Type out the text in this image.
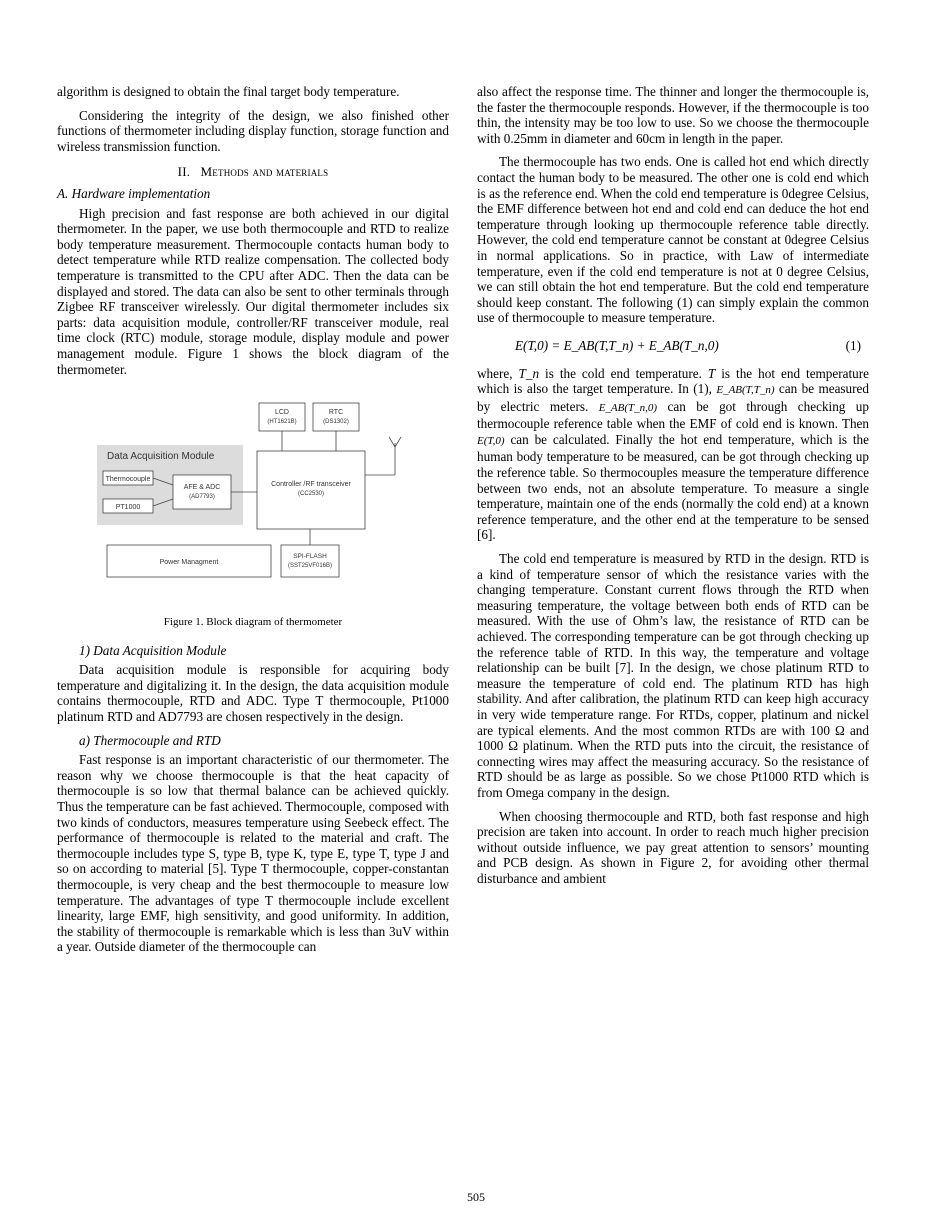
algorithm is designed to obtain the final target body temperature.

Considering the integrity of the design, we also finished other functions of thermometer including display function, storage function and wireless transmission function.

II. Methods and materials
A. Hardware implementation

High precision and fast response are both achieved in our digital thermometer. In the paper, we use both thermocouple and RTD to realize body temperature measurement. Thermocouple contacts human body to detect temperature while RTD realize compensation. The collected body temperature is transmitted to the CPU after ADC. Then the data can be displayed and stored. The data can also be sent to other terminals through Zigbee RF transceiver wirelessly. Our digital thermometer includes six parts: data acquisition module, controller/RF transceiver module, real time clock (RTC) module, storage module, display module and power management module. Figure 1 shows the block diagram of the thermometer.

Data Acquisition Module
Thermocouple
PT1000
AFE & ADC
(AD7793)
Controller /RF transceiver
(CC2530)
LCD
(HT1621B)
RTC
(DS1302)
Power Managment
SPI-FLASH
(SST25VF016B)
Figure 1. Block diagram of thermometer
1) Data Acquisition Module

Data acquisition module is responsible for acquiring body temperature and digitalizing it. In the design, the data acquisition module contains thermocouple, RTD and ADC. Type T thermocouple, Pt1000 platinum RTD and AD7793 are chosen respectively in the design.

a) Thermocouple and RTD

Fast response is an important characteristic of our thermometer. The reason why we choose thermocouple is that the heat capacity of thermocouple is so low that thermal balance can be achieved quickly. Thus the temperature can be fast achieved. Thermocouple, composed with two kinds of conductors, measures temperature using Seebeck effect. The performance of thermocouple is related to the material and craft. The thermocouple includes type S, type B, type K, type E, type T, type J and so on according to material [5]. Type T thermocouple, copper-constantan thermocouple, is very cheap and the best thermocouple to measure low temperature. The advantages of type T thermocouple include excellent linearity, large EMF, high sensitivity, and good uniformity. In addition, the stability of thermocouple is remarkable which is less than 3uV within a year. Outside diameter of the thermocouple can

also affect the response time. The thinner and longer the thermocouple is, the faster the thermocouple responds. However, if the thermocouple is too thin, the intensity may be too low to use. So we choose the thermocouple with 0.25mm in diameter and 60cm in length in the paper.

The thermocouple has two ends. One is called hot end which directly contact the human body to be measured. The other one is cold end which is as the reference end. When the cold end temperature is 0degree Celsius, the EMF difference between hot end and cold end can deduce the hot end temperature through looking up thermocouple reference table directly. However, the cold end temperature cannot be constant at 0degree Celsius in normal applications. So in practice, with Law of intermediate temperature, even if the cold end temperature is not at 0 degree Celsius, we can still obtain the hot end temperature. But the cold end temperature should keep constant. The following (1) can simply explain the common use of thermocouple to measure temperature.

E(T,0) = E_AB(T,T_n) + E_AB(T_n,0)	(1)

where, T_n is the cold end temperature. T is the hot end temperature which is also the target temperature. In (1), E_AB(T,T_n) can be measured by electric meters. E_AB(T_n,0) can be got through checking up thermocouple reference table when the EMF of cold end is known. Then E(T,0) can be calculated. Finally the hot end temperature, which is the human body temperature to be measured, can be got through checking up the reference table. So thermocouples measure the temperature difference between two ends, not an absolute temperature. To measure a single temperature, maintain one of the ends (normally the cold end) at a known reference temperature, and the other end at the temperature to be sensed [6].

The cold end temperature is measured by RTD in the design. RTD is a kind of temperature sensor of which the resistance varies with the changing temperature. Constant current flows through the RTD when measuring temperature, the voltage between both ends of RTD can be measured. With the use of Ohm’s law, the resistance of RTD can be achieved. The corresponding temperature can be got through checking up the reference table of RTD. In this way, the temperature and voltage relationship can be built [7]. In the design, we chose platinum RTD to measure the temperature of cold end. The platinum RTD has high stability. And after calibration, the platinum RTD can keep high accuracy in very wide temperature range. For RTDs, copper, platinum and nickel are typical elements. And the most common RTDs are with 100 Ω and 1000 Ω platinum. When the RTD puts into the circuit, the resistance of connecting wires may affect the measuring accuracy. So the resistance of RTD should be as large as possible. So we chose Pt1000 RTD which is from Omega company in the design.

When choosing thermocouple and RTD, both fast response and high precision are taken into account. In order to reach much higher precision without outside influence, we pay great attention to sensors’ mounting and PCB design. As shown in Figure 2, for avoiding other thermal disturbance and ambient

505
